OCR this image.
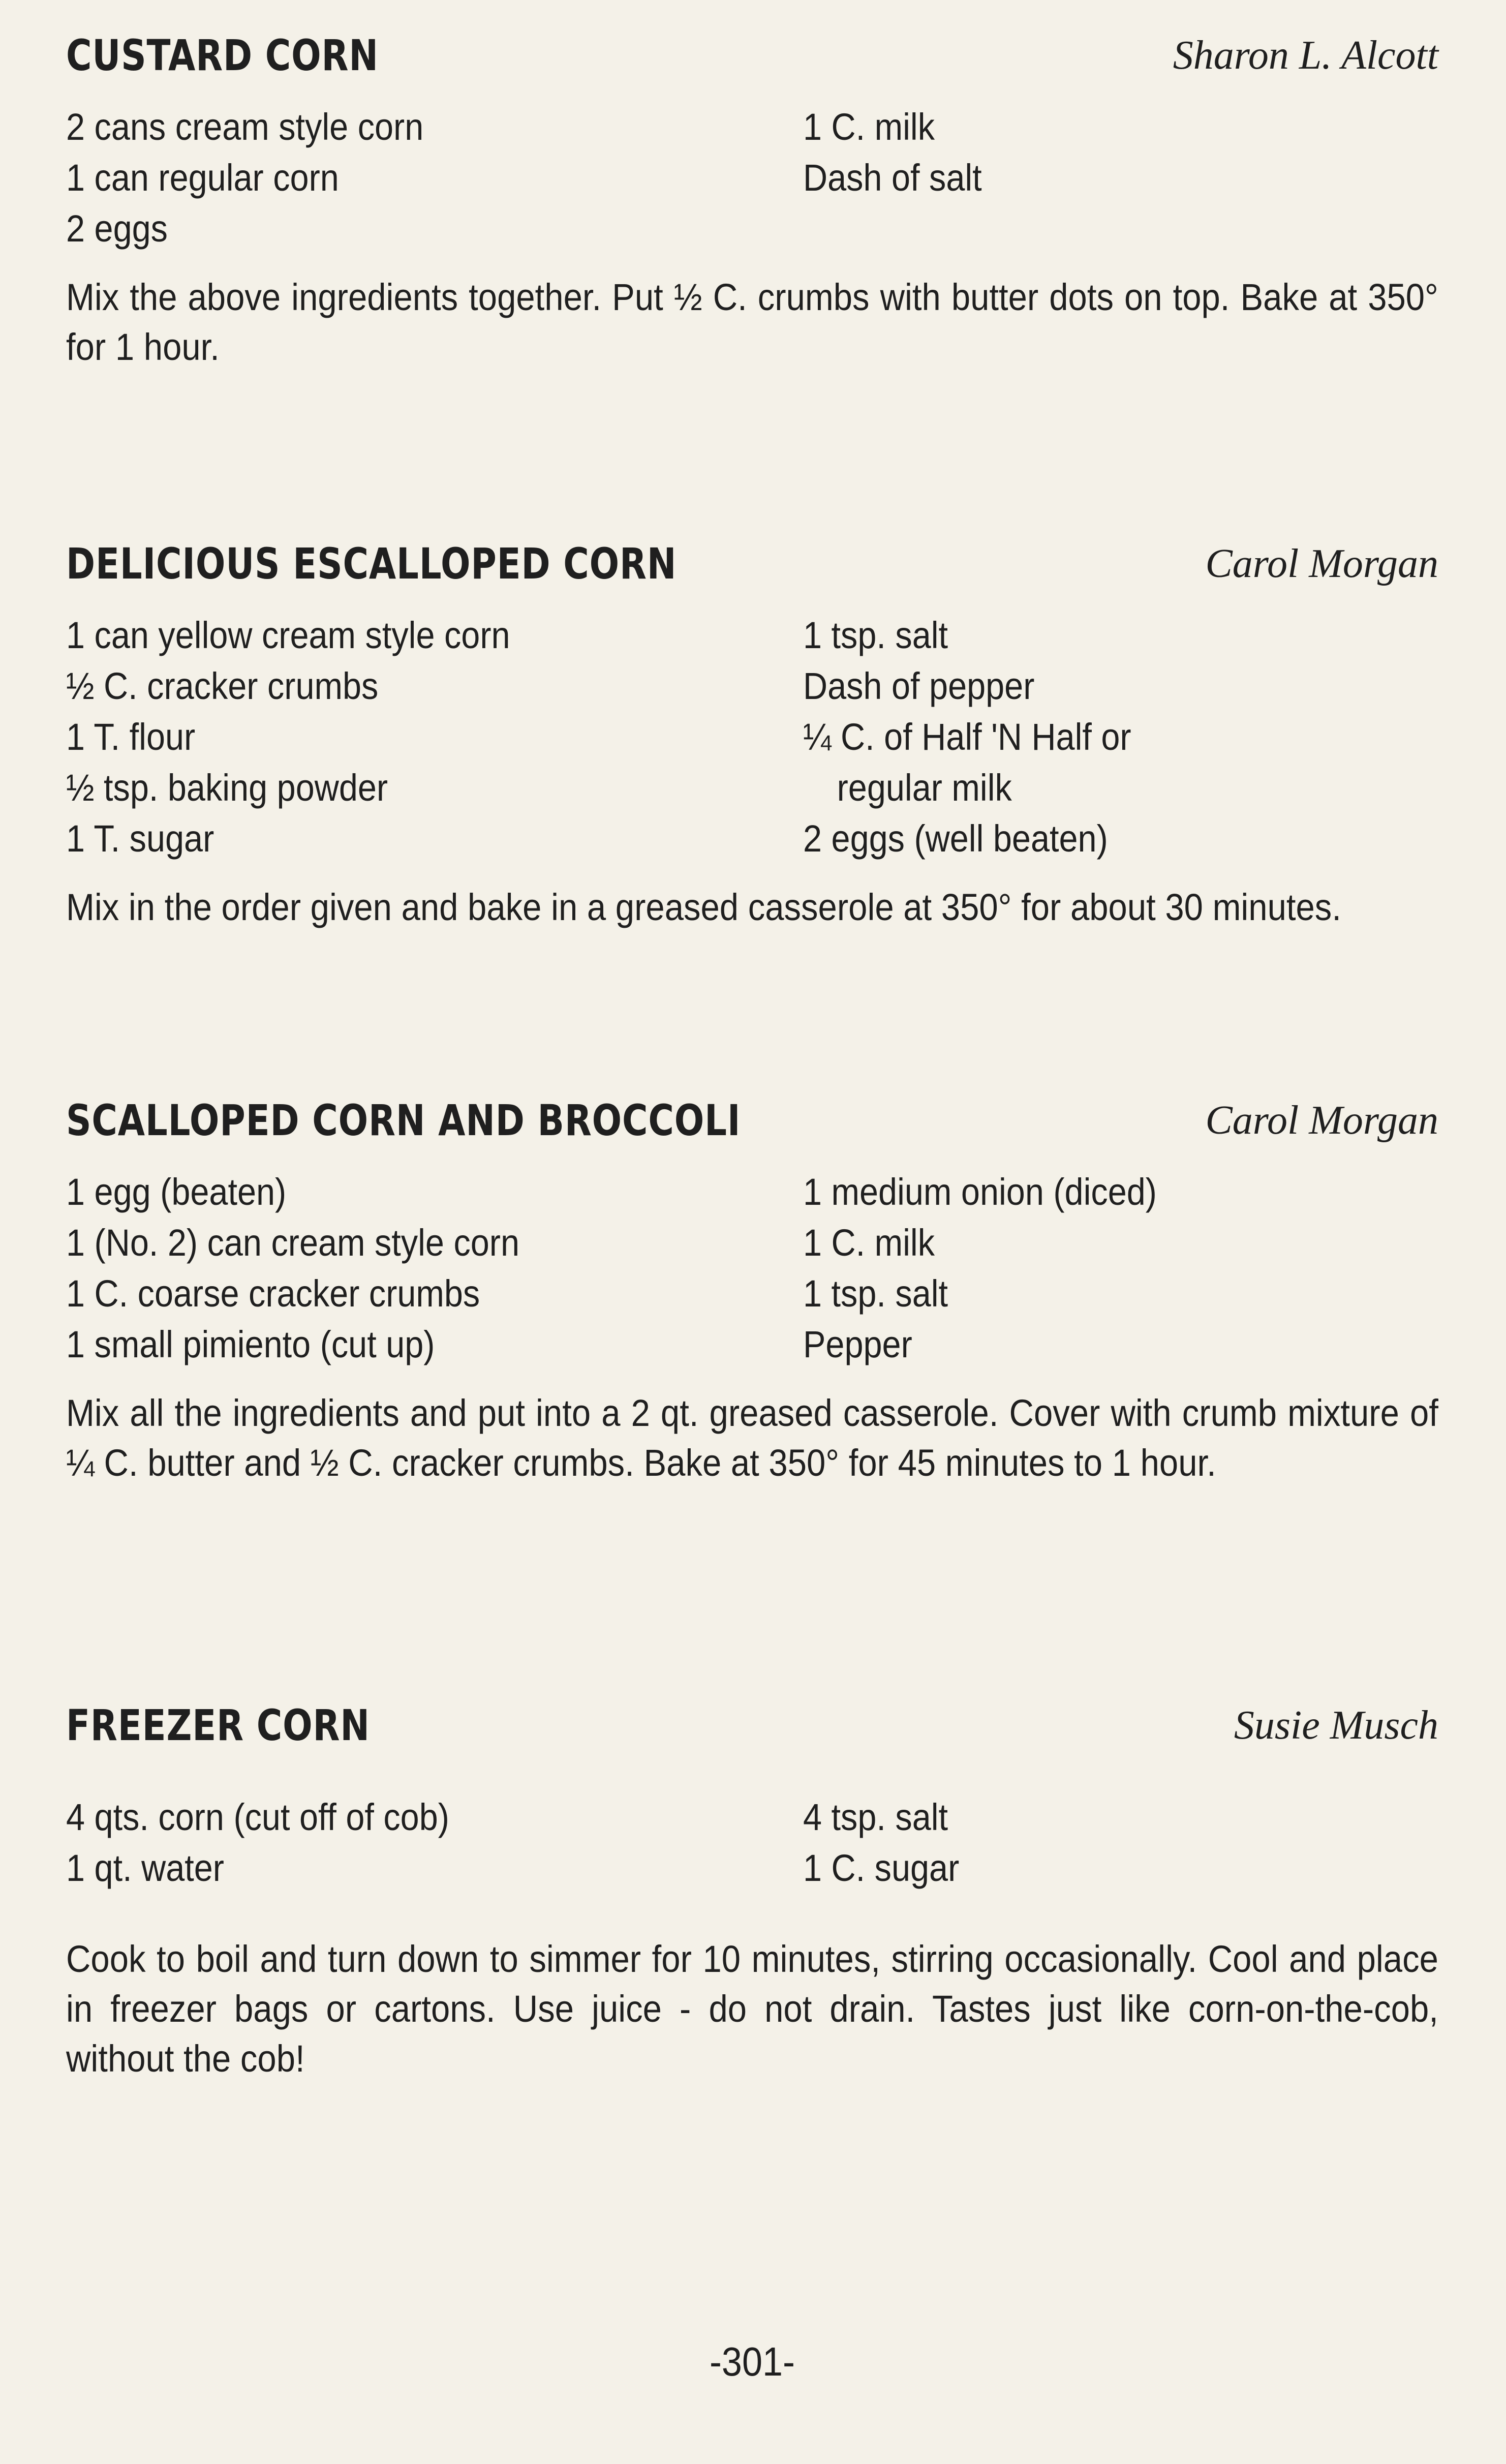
CUSTARD CORN	Sharon L. Alcott
2 cans cream style corn
1 can regular corn
2 eggs
1 C. milk
Dash of salt
Mix the above ingredients together. Put ½ C. crumbs with butter dots on top. Bake at 350° for 1 hour.
DELICIOUS ESCALLOPED CORN	Carol Morgan
1 can yellow cream style corn
½ C. cracker crumbs
1 T. flour
½ tsp. baking powder
1 T. sugar
1 tsp. salt
Dash of pepper
¼ C. of Half 'N Half or
regular milk
2 eggs (well beaten)
Mix in the order given and bake in a greased casserole at 350° for about 30 minutes.
SCALLOPED CORN AND BROCCOLI	Carol Morgan
1 egg (beaten)
1 (No. 2) can cream style corn
1 C. coarse cracker crumbs
1 small pimiento (cut up)
1 medium onion (diced)
1 C. milk
1 tsp. salt
Pepper
Mix all the ingredients and put into a 2 qt. greased casserole. Cover with crumb mixture of ¼ C. butter and ½ C. cracker crumbs. Bake at 350° for 45 minutes to 1 hour.
FREEZER CORN	Susie Musch
4 qts. corn (cut off of cob)
1 qt. water
4 tsp. salt
1 C. sugar
Cook to boil and turn down to simmer for 10 minutes, stirring occasionally. Cool and place in freezer bags or cartons. Use juice - do not drain. Tastes just like corn-on-the-cob, without the cob!
-301-
